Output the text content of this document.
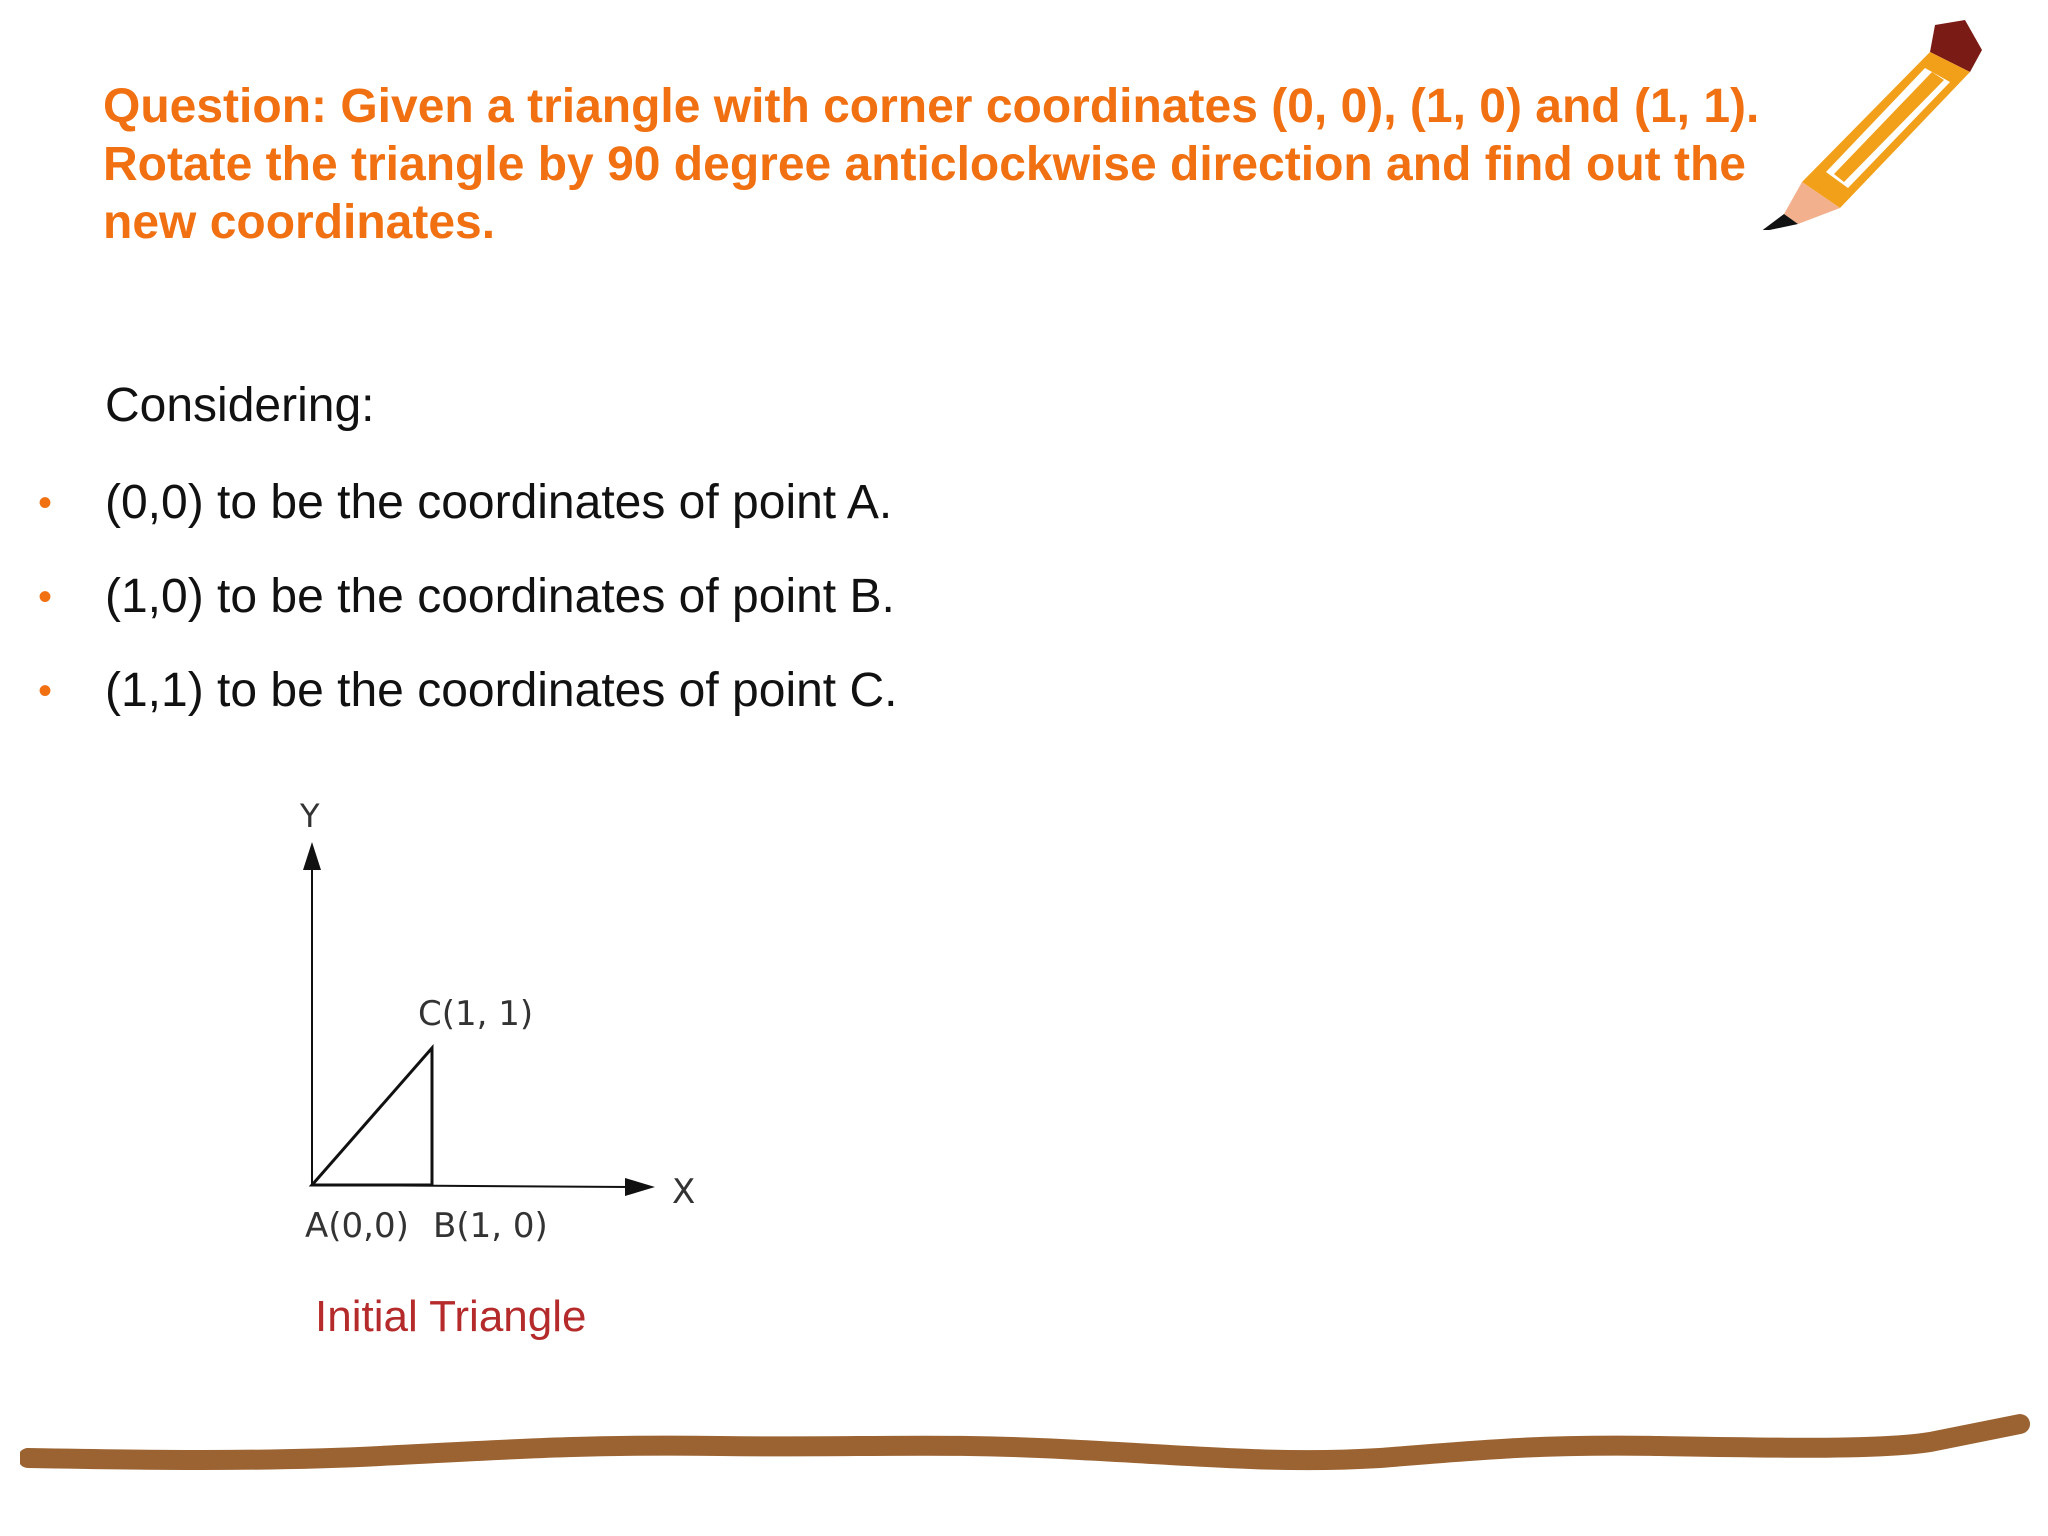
Question: Given a triangle with corner coordinates (0, 0), (1, 0) and (1, 1). Rotate the triangle by 90 degree anticlockwise direction and find out the new coordinates.

Considering:

• (0,0) to be the coordinates of point A.
• (1,0) to be the coordinates of point B.
• (1,1) to be the coordinates of point C.
Y
X
C(1, 1)
A(0,0) B(1, 0)

Initial Triangle
